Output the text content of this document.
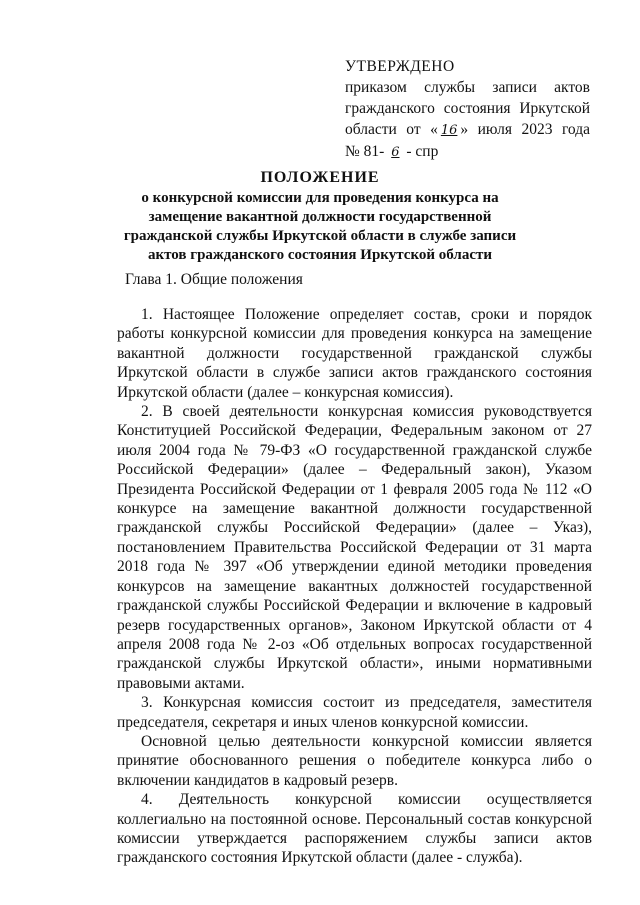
УТВЕРЖДЕНО
приказом службы записи актов
гражданского состояния Иркутской
области от « 16 » июля 2023 года
№ 81- 6 - спр
ПОЛОЖЕНИЕ
о конкурсной комиссии для проведения конкурса на замещение вакантной должности государственной гражданской службы Иркутской области в службе записи актов гражданского состояния Иркутской области
Глава 1. Общие положения

1. Настоящее Положение определяет состав, сроки и порядок работы конкурсной комиссии для проведения конкурса на замещение вакантной должности государственной гражданской службы Иркутской области в службе записи актов гражданского состояния Иркутской области (далее – конкурсная комиссия).

2. В своей деятельности конкурсная комиссия руководствуется Конституцией Российской Федерации, Федеральным законом от 27 июля 2004 года № 79-ФЗ «О государственной гражданской службе Российской Федерации» (далее – Федеральный закон), Указом Президента Российской Федерации от 1 февраля 2005 года № 112 «О конкурсе на замещение вакантной должности государственной гражданской службы Российской Федерации» (далее – Указ), постановлением Правительства Российской Федерации от 31 марта 2018 года № 397 «Об утверждении единой методики проведения конкурсов на замещение вакантных должностей государственной гражданской службы Российской Федерации и включение в кадровый резерв государственных органов», Законом Иркутской области от 4 апреля 2008 года № 2-оз «Об отдельных вопросах государственной гражданской службы Иркутской области», иными нормативными правовыми актами.

3. Конкурсная комиссия состоит из председателя, заместителя председателя, секретаря и иных членов конкурсной комиссии.

Основной целью деятельности конкурсной комиссии является принятие обоснованного решения о победителе конкурса либо о включении кандидатов в кадровый резерв.

4. Деятельность конкурсной комиссии осуществляется коллегиально на постоянной основе. Персональный состав конкурсной комиссии утверждается распоряжением службы записи актов гражданского состояния Иркутской области (далее - служба).
